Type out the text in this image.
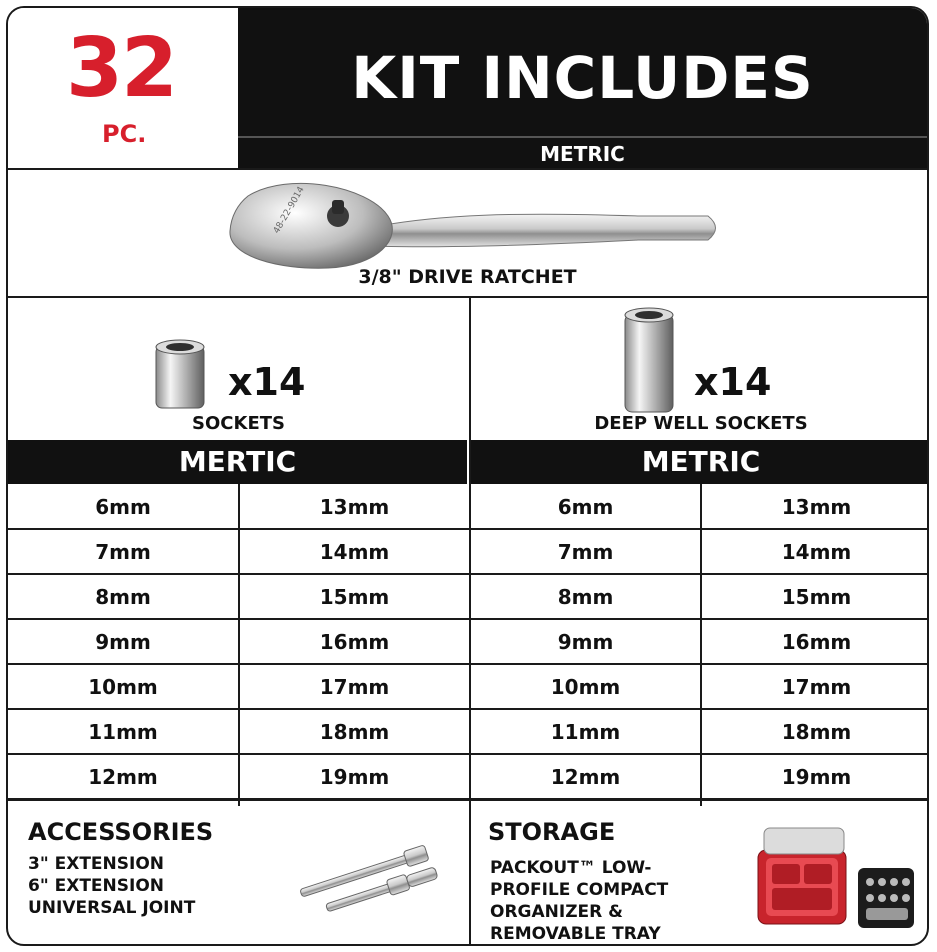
32
PC.
KIT INCLUDES
METRIC
48-22-9014
3/8" DRIVE RATCHET
x14
SOCKETS
x14
DEEP WELL SOCKETS
MERTIC	METRIC
6mm
7mm
8mm
9mm
10mm
11mm
12mm
13mm
14mm
15mm
16mm
17mm
18mm
19mm
6mm
7mm
8mm
9mm
10mm
11mm
12mm
13mm
14mm
15mm
16mm
17mm
18mm
19mm
ACCESSORIES
3" EXTENSION
6" EXTENSION
UNIVERSAL JOINT
STORAGE
PACKOUT™ LOW-
PROFILE COMPACT
ORGANIZER &
REMOVABLE TRAY
